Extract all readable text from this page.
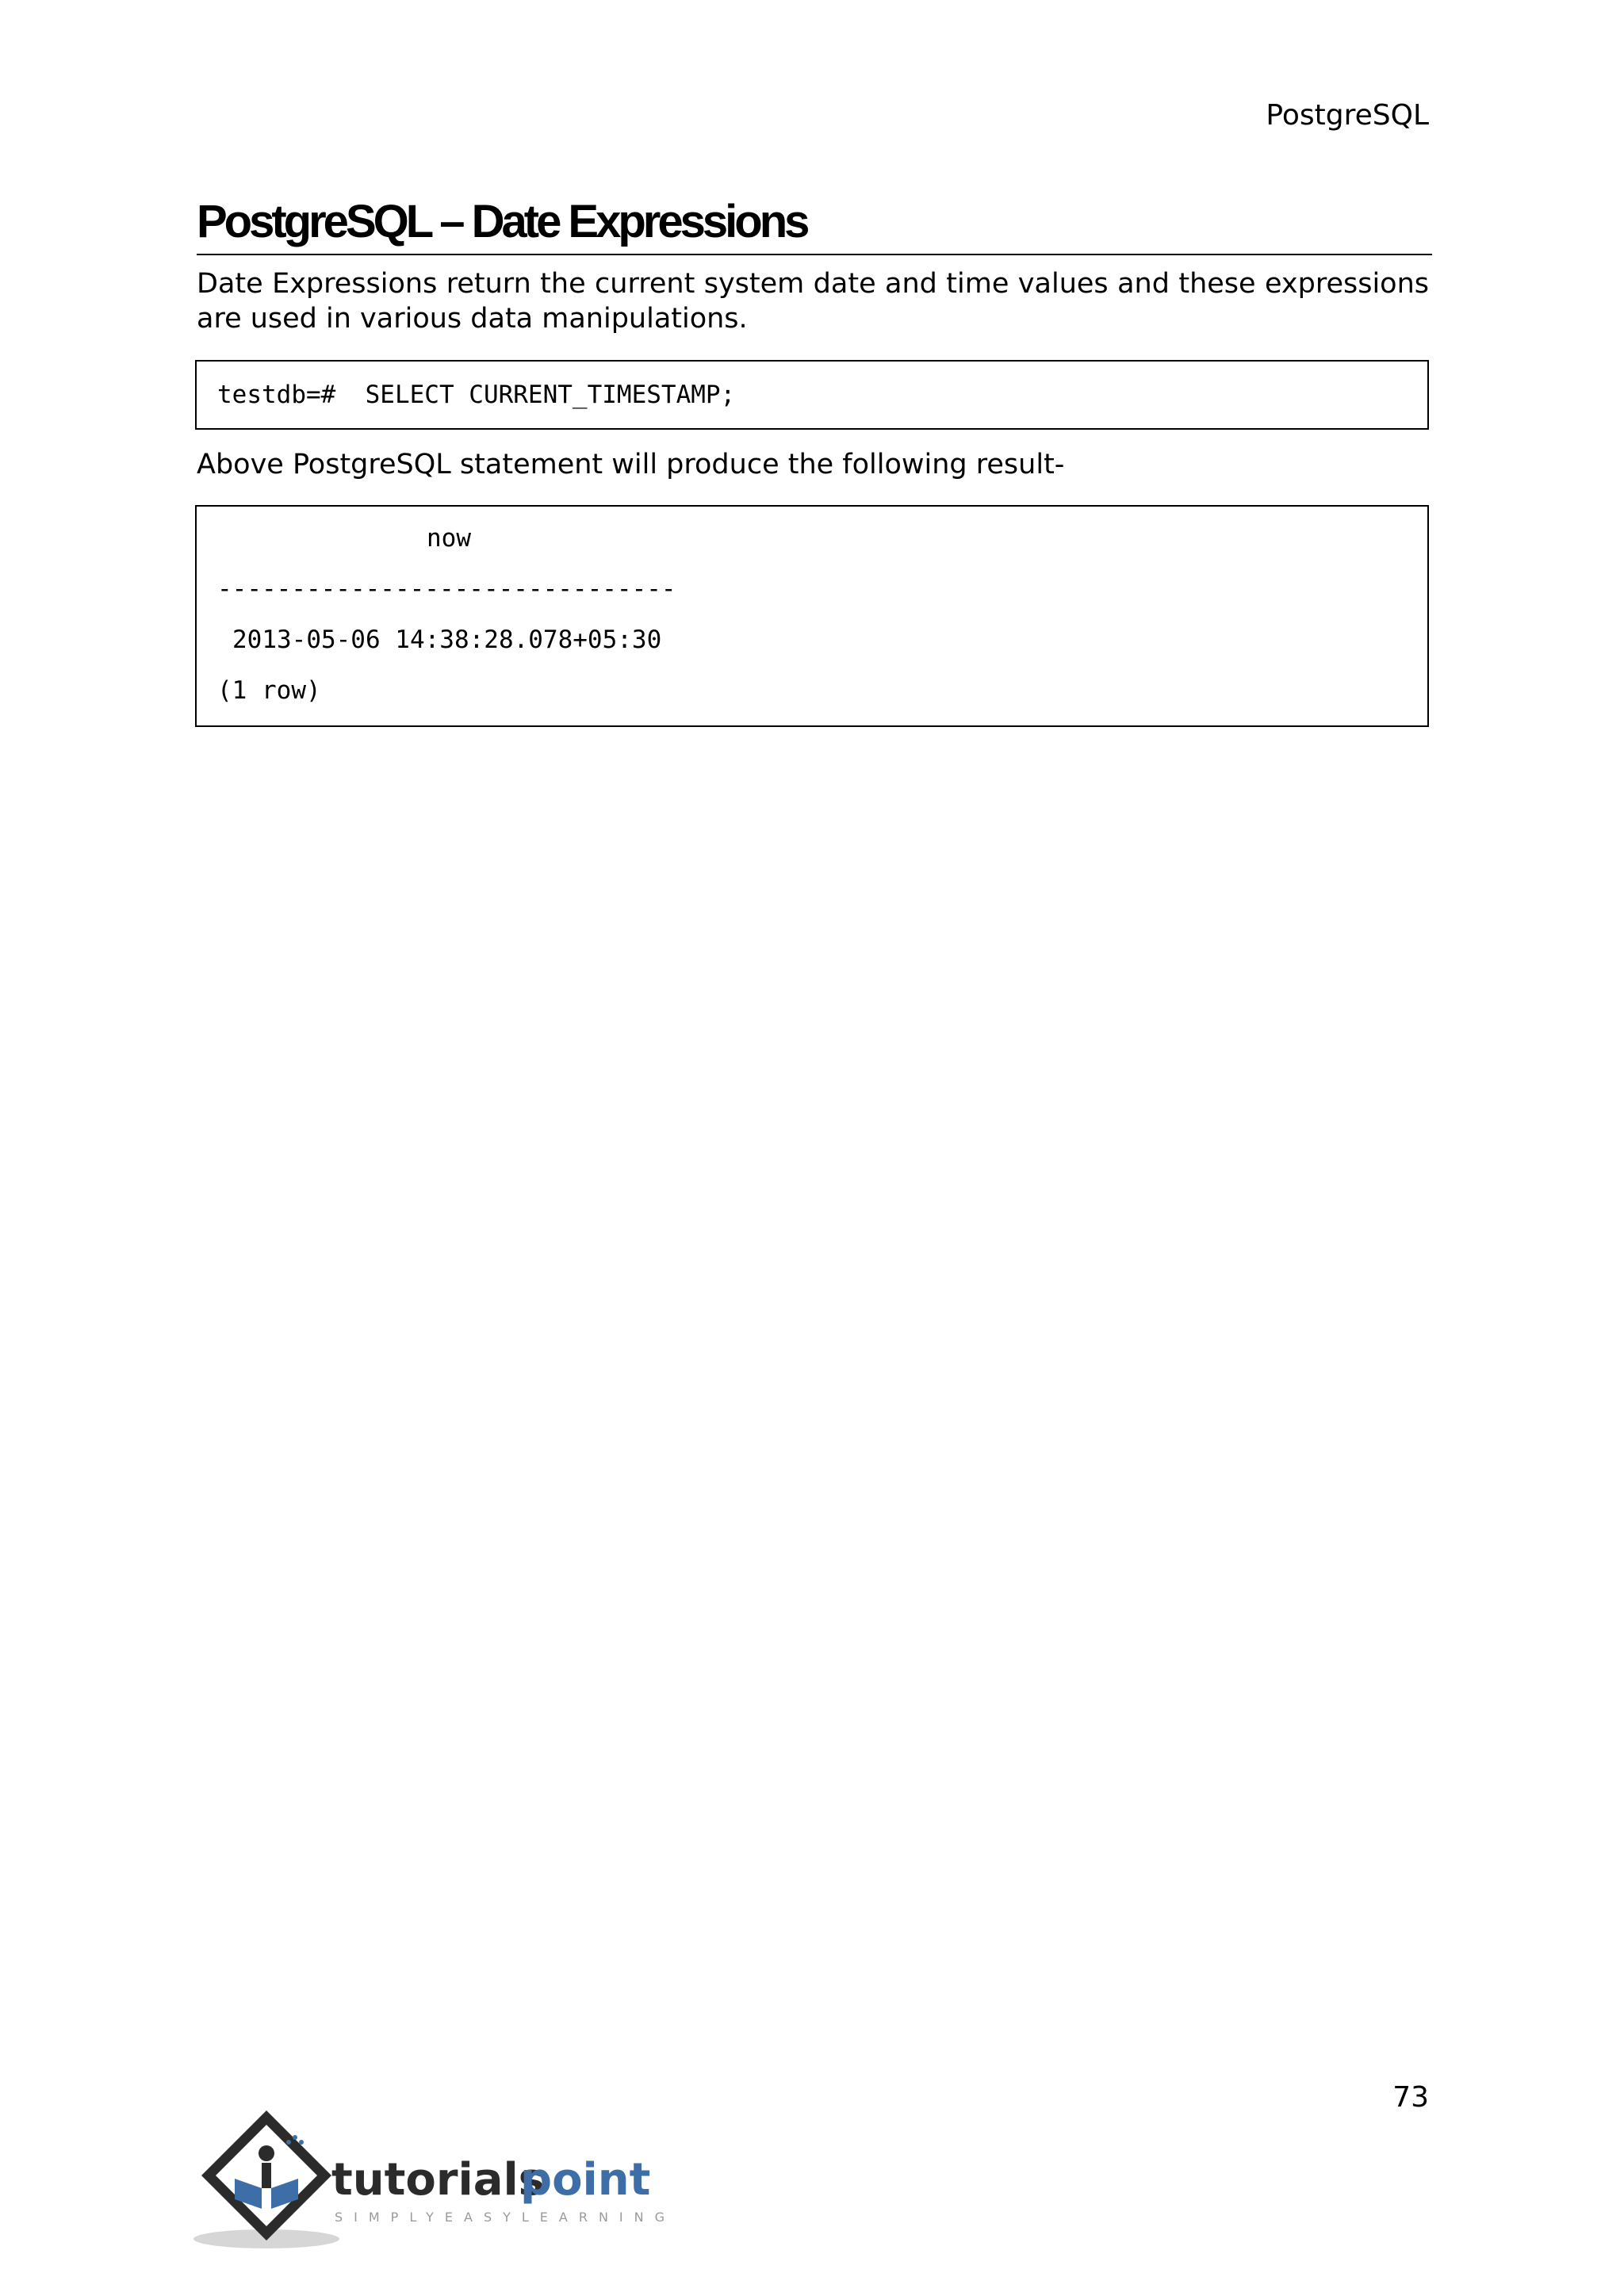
PostgreSQL
PostgreSQL – Date Expressions

Date Expressions return the current system date and time values and these expressions are used in various data manipulations.

testdb=#  SELECT CURRENT_TIMESTAMP;

Above PostgreSQL statement will produce the following result-

now
-------------------------------
2013-05-06 14:38:28.078+05:30
(1 row)
73
tutorials
point
SIMPLYEASYLEARNING
